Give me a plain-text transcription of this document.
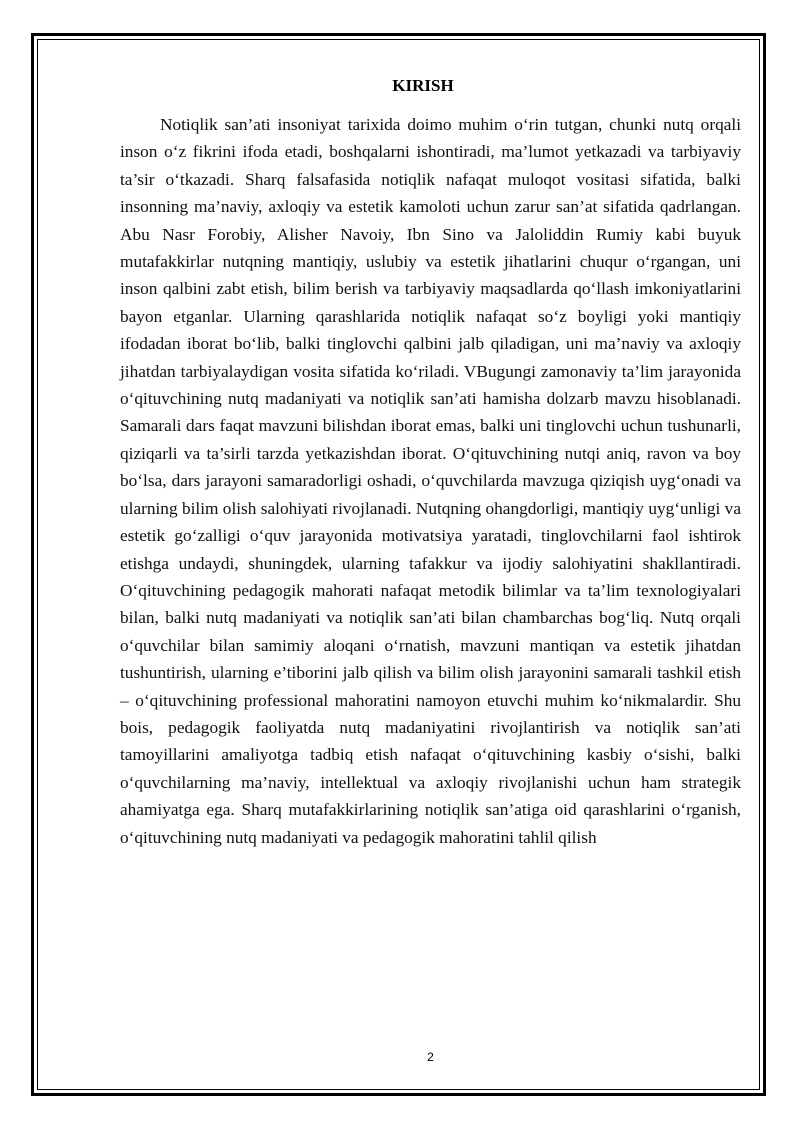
KIRISH

Notiqlik san’ati insoniyat tarixida doimo muhim o‘rin tutgan, chunki nutq orqali inson o‘z fikrini ifoda etadi, boshqalarni ishontiradi, ma’lumot yetkazadi va tarbiyaviy ta’sir o‘tkazadi. Sharq falsafasida notiqlik nafaqat muloqot vositasi sifatida, balki insonning ma’naviy, axloqiy va estetik kamoloti uchun zarur san’at sifatida qadrlangan. Abu Nasr Forobiy, Alisher Navoiy, Ibn Sino va Jaloliddin Rumiy kabi buyuk mutafakkirlar nutqning mantiqiy, uslubiy va estetik jihatlarini chuqur o‘rgangan, uni inson qalbini zabt etish, bilim berish va tarbiyaviy maqsadlarda qo‘llash imkoniyatlarini bayon etganlar. Ularning qarashlarida notiqlik nafaqat so‘z boyligi yoki mantiqiy ifodadan iborat bo‘lib, balki tinglovchi qalbini jalb qiladigan, uni ma’naviy va axloqiy jihatdan tarbiyalaydigan vosita sifatida ko‘riladi. VBugungi zamonaviy ta’lim jarayonida o‘qituvchining nutq madaniyati va notiqlik san’ati hamisha dolzarb mavzu hisoblanadi. Samarali dars faqat mavzuni bilishdan iborat emas, balki uni tinglovchi uchun tushunarli, qiziqarli va ta’sirli tarzda yetkazishdan iborat. O‘qituvchining nutqi aniq, ravon va boy bo‘lsa, dars jarayoni samaradorligi oshadi, o‘quvchilarda mavzuga qiziqish uyg‘onadi va ularning bilim olish salohiyati rivojlanadi. Nutqning ohangdorligi, mantiqiy uyg‘unligi va estetik go‘zalligi o‘quv jarayonida motivatsiya yaratadi, tinglovchilarni faol ishtirok etishga undaydi, shuningdek, ularning tafakkur va ijodiy salohiyatini shakllantiradi. O‘qituvchining pedagogik mahorati nafaqat metodik bilimlar va ta’lim texnologiyalari bilan, balki nutq madaniyati va notiqlik san’ati bilan chambarchas bog‘liq. Nutq orqali o‘quvchilar bilan samimiy aloqani o‘rnatish, mavzuni mantiqan va estetik jihatdan tushuntirish, ularning e’tiborini jalb qilish va bilim olish jarayonini samarali tashkil etish – o‘qituvchining professional mahoratini namoyon etuvchi muhim ko‘nikmalardir. Shu bois, pedagogik faoliyatda nutq madaniyatini rivojlantirish va notiqlik san’ati tamoyillarini amaliyotga tadbiq etish nafaqat o‘qituvchining kasbiy o‘sishi, balki o‘quvchilarning ma’naviy, intellektual va axloqiy rivojlanishi uchun ham strategik ahamiyatga ega. Sharq mutafakkirlarining notiqlik san’atiga oid qarashlarini o‘rganish, o‘qituvchining nutq madaniyati va pedagogik mahoratini tahlil qilish

2
